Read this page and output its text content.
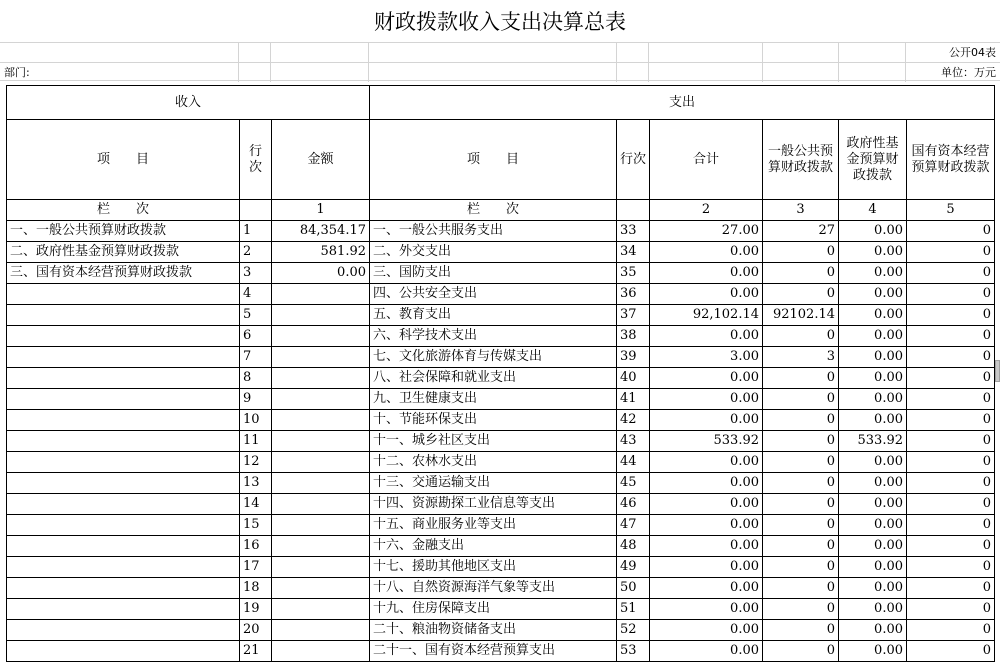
财政拨款收入支出决算总表
公开04表
部门:	单位：万元
收入			支出					
项　　目	行次	金额	项　　目	行次	合计	一般公共预算财政拨款	政府性基金预算财政拨款	国有资本经营预算财政拨款
栏　　次		1	栏　　次		2	3	4	5
一、一般公共预算财政拨款	1	84,354.17	一、一般公共服务支出	33	27.00	27	0.00	0
二、政府性基金预算财政拨款	2	581.92	二、外交支出	34	0.00	0	0.00	0
三、国有资本经营预算财政拨款	3	0.00	三、国防支出	35	0.00	0	0.00	0
	4		四、公共安全支出	36	0.00	0	0.00	0
	5		五、教育支出	37	92,102.14	92102.14	0.00	0
	6		六、科学技术支出	38	0.00	0	0.00	0
	7		七、文化旅游体育与传媒支出	39	3.00	3	0.00	0
	8		八、社会保障和就业支出	40	0.00	0	0.00	0
	9		九、卫生健康支出	41	0.00	0	0.00	0
	10		十、节能环保支出	42	0.00	0	0.00	0
	11		十一、城乡社区支出	43	533.92	0	533.92	0
	12		十二、农林水支出	44	0.00	0	0.00	0
	13		十三、交通运输支出	45	0.00	0	0.00	0
	14		十四、资源勘探工业信息等支出	46	0.00	0	0.00	0
	15		十五、商业服务业等支出	47	0.00	0	0.00	0
	16		十六、金融支出	48	0.00	0	0.00	0
	17		十七、援助其他地区支出	49	0.00	0	0.00	0
	18		十八、自然资源海洋气象等支出	50	0.00	0	0.00	0
	19		十九、住房保障支出	51	0.00	0	0.00	0
	20		二十、粮油物资储备支出	52	0.00	0	0.00	0
	21		二十一、国有资本经营预算支出	53	0.00	0	0.00	0
